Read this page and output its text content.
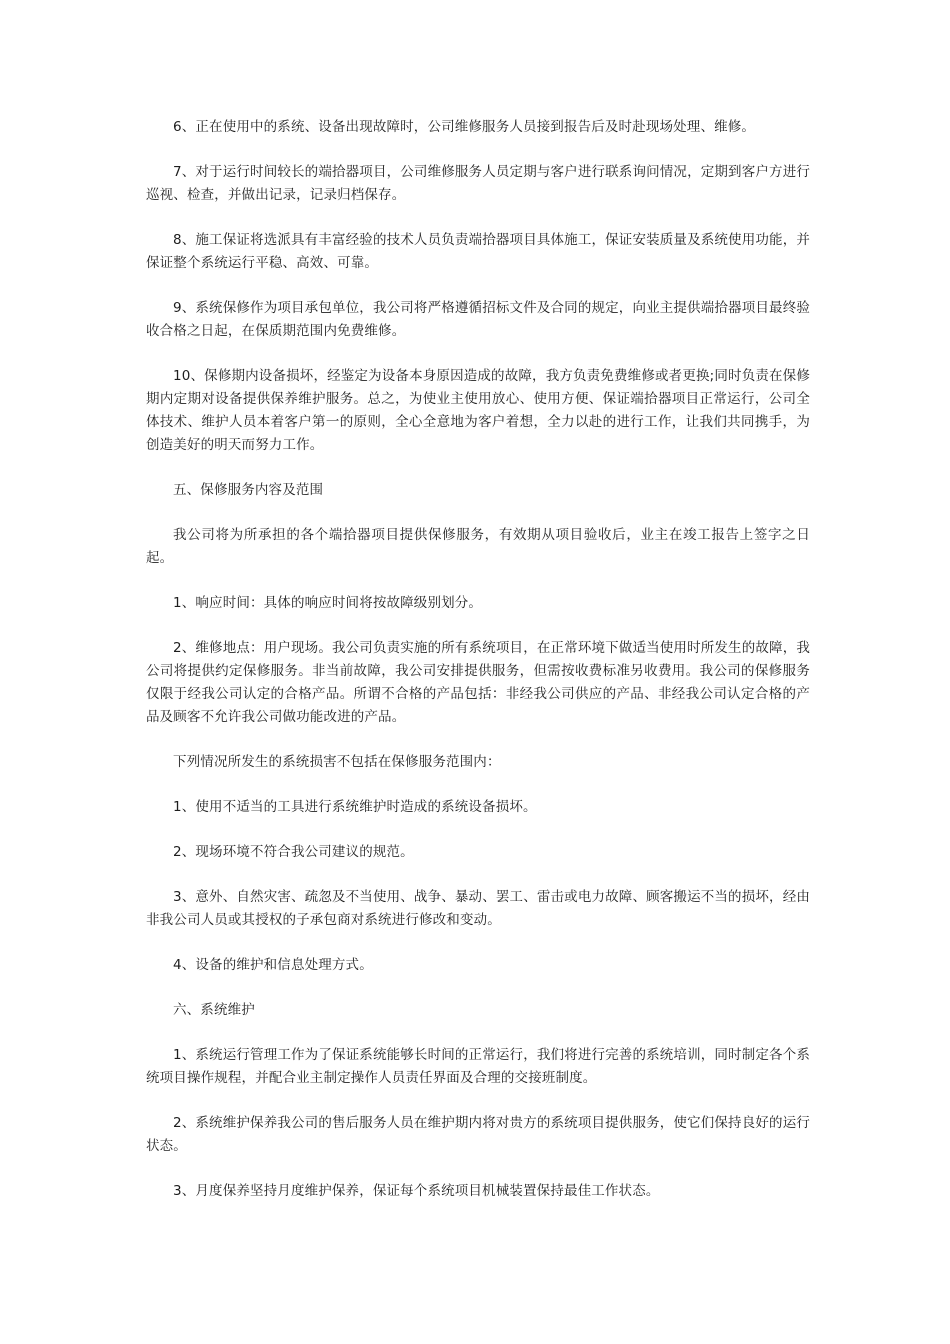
6、正在使用中的系统、设备出现故障时，公司维修服务人员接到报告后及时赴现场处理、维修。

7、对于运行时间较长的端拾器项目，公司维修服务人员定期与客户进行联系询问情况，定期到客户方进行巡视、检查，并做出记录，记录归档保存。

8、施工保证将选派具有丰富经验的技术人员负责端拾器项目具体施工，保证安装质量及系统使用功能，并保证整个系统运行平稳、高效、可靠。

9、系统保修作为项目承包单位，我公司将严格遵循招标文件及合同的规定，向业主提供端拾器项目最终验收合格之日起，在保质期范围内免费维修。

10、保修期内设备损坏，经鉴定为设备本身原因造成的故障，我方负责免费维修或者更换;同时负责在保修期内定期对设备提供保养维护服务。总之，为使业主使用放心、使用方便、保证端拾器项目正常运行，公司全体技术、维护人员本着客户第一的原则，全心全意地为客户着想，全力以赴的进行工作，让我们共同携手，为创造美好的明天而努力工作。

五、保修服务内容及范围

我公司将为所承担的各个端拾器项目提供保修服务，有效期从项目验收后，业主在竣工报告上签字之日起。

1、响应时间：具体的响应时间将按故障级别划分。

2、维修地点：用户现场。我公司负责实施的所有系统项目，在正常环境下做适当使用时所发生的故障，我公司将提供约定保修服务。非当前故障，我公司安排提供服务，但需按收费标准另收费用。我公司的保修服务仅限于经我公司认定的合格产品。所谓不合格的产品包括：非经我公司供应的产品、非经我公司认定合格的产品及顾客不允许我公司做功能改进的产品。

下列情况所发生的系统损害不包括在保修服务范围内：

1、使用不适当的工具进行系统维护时造成的系统设备损坏。

2、现场环境不符合我公司建议的规范。

3、意外、自然灾害、疏忽及不当使用、战争、暴动、罢工、雷击或电力故障、顾客搬运不当的损坏，经由非我公司人员或其授权的子承包商对系统进行修改和变动。

4、设备的维护和信息处理方式。

六、系统维护

1、系统运行管理工作为了保证系统能够长时间的正常运行，我们将进行完善的系统培训，同时制定各个系统项目操作规程，并配合业主制定操作人员责任界面及合理的交接班制度。

2、系统维护保养我公司的售后服务人员在维护期内将对贵方的系统项目提供服务，使它们保持良好的运行状态。

3、月度保养坚持月度维护保养，保证每个系统项目机械装置保持最佳工作状态。
